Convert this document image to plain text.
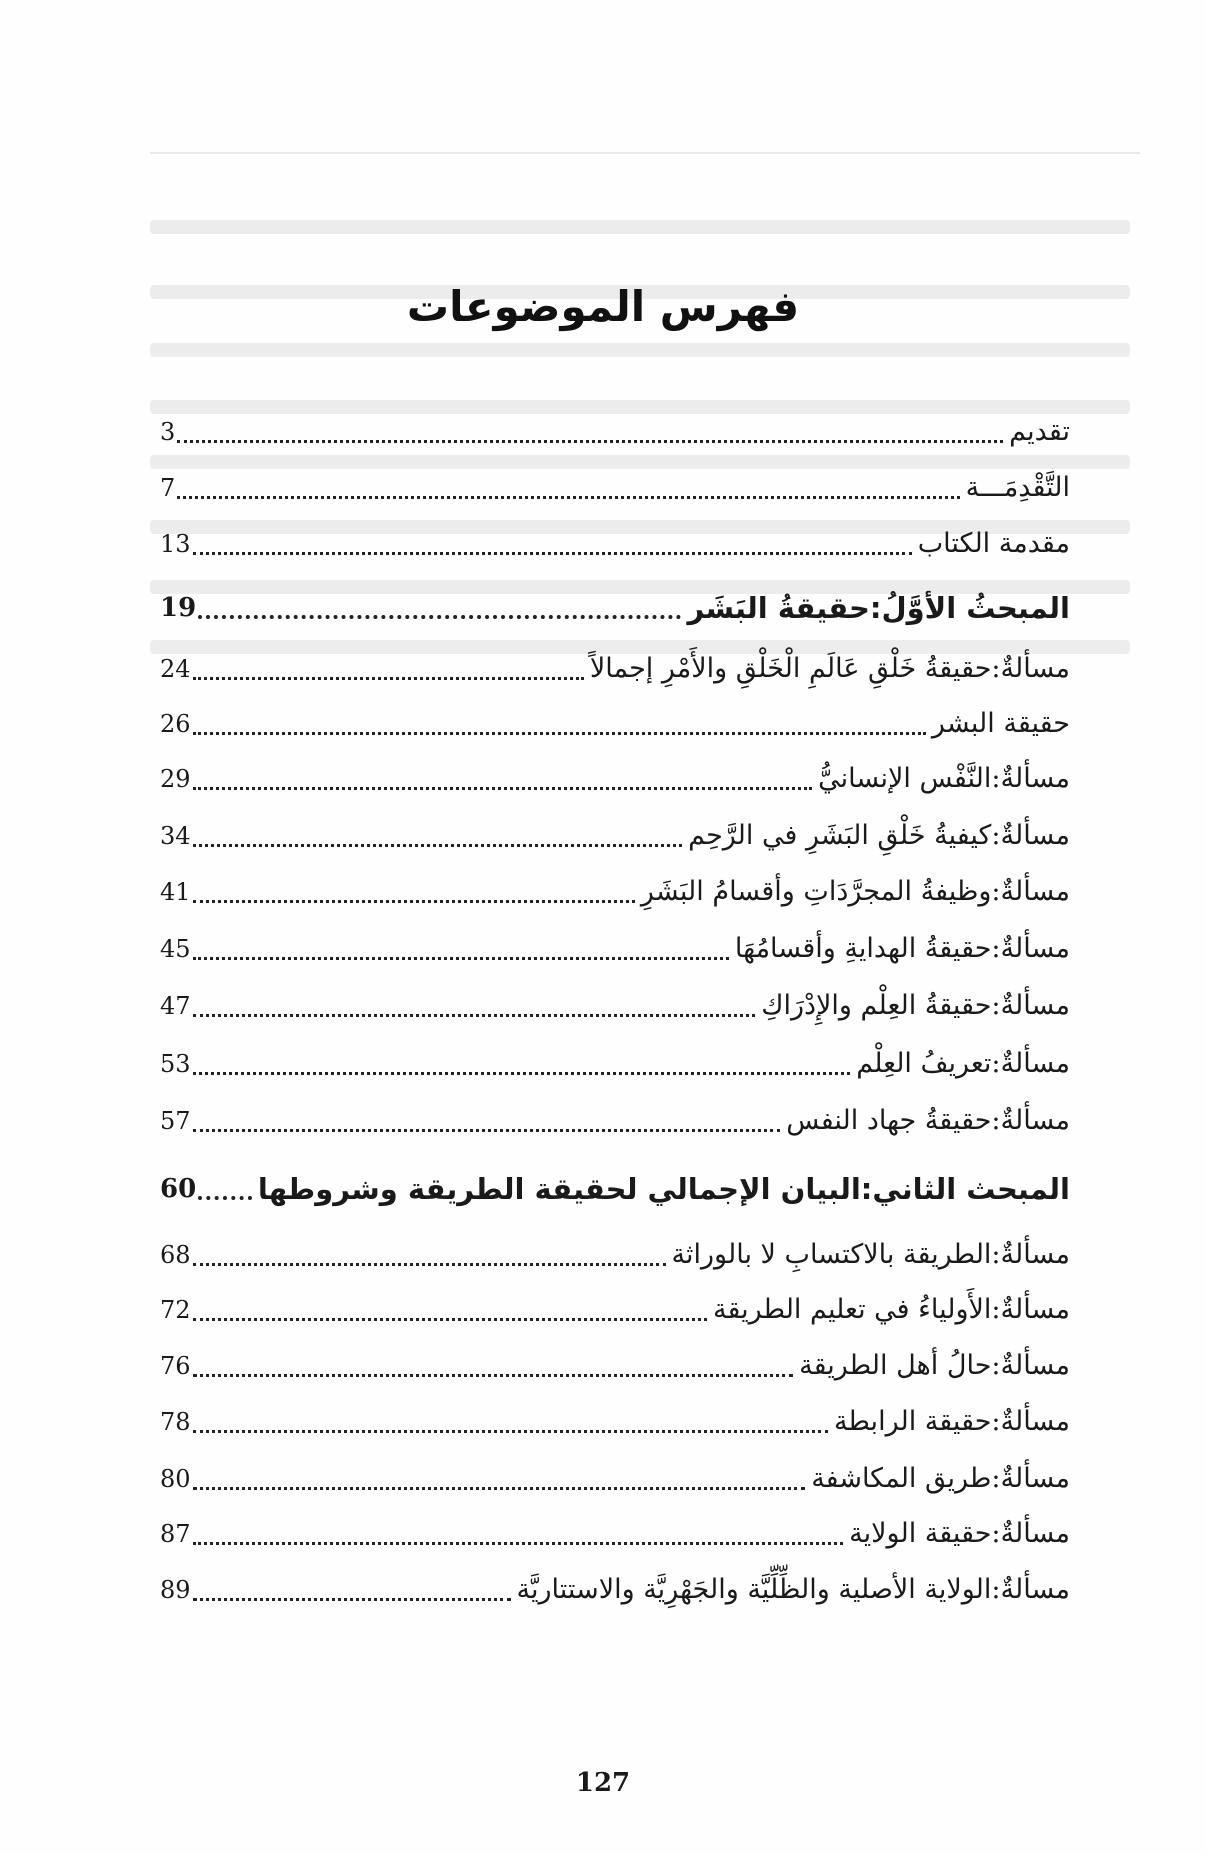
فهرس الموضوعات
تقديم
3
التَّقْدِمَـــة
7
مقدمة الكتاب
13
المبحثُ الأوَّلُ:
حقيقةُ البَشَر
19
مسألةٌ:
حقيقةُ خَلْقِ عَالَمِ الْخَلْقِ والأَمْرِ إجمالاً
24
حقيقة البشر
26
مسألةٌ:
النَّفْس الإنسانيُّ
29
مسألةٌ:
كيفيةُ خَلْقِ البَشَرِ في الرَّحِم
34
مسألةٌ:
وظيفةُ المجرَّدَاتِ وأقسامُ البَشَرِ
41
مسألةٌ:
حقيقةُ الهدايةِ وأقسامُهَا
45
مسألةٌ:
حقيقةُ العِلْم والإِدْرَاكِ
47
مسألةٌ:
تعريفُ العِلْم
53
مسألةٌ:
حقيقةُ جهاد النفس
57
المبحث الثاني:
البيان الإجمالي لحقيقة الطريقة وشروطها
60
مسألةٌ:
الطريقة بالاكتسابِ لا بالوراثة
68
مسألةٌ:
الأَولياءُ في تعليم الطريقة
72
مسألةٌ:
حالُ أهل الطريقة
76
مسألةٌ:
حقيقة الرابطة
78
مسألةٌ:
طريق المكاشفة
80
مسألةٌ:
حقيقة الولاية
87
مسألةٌ:
الولاية الأصلية والظِّلِّيَّة والجَهْرِيَّة والاستتاريَّة
89
127
